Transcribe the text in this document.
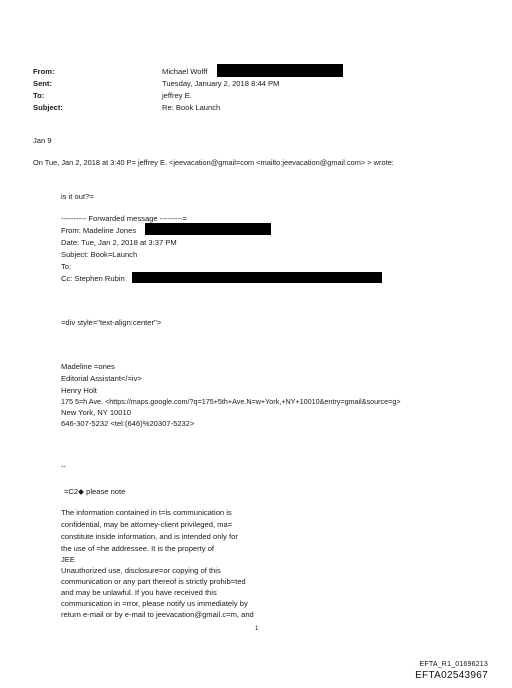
From:
Sent:
To:
Subject:
Michael Wolff
Tuesday, January 2, 2018 8:44 PM
jeffrey E.
Re: Book Launch
Jan 9
On Tue, Jan 2, 2018 at 3:40 P= jeffrey E. <jeevacation@gmail=com <mailto:jeevacation@gmail.com> > wrote:
is it out?=
---------- Forwarded message ---------=
From: Madeline Jones
Date: Tue, Jan 2, 2018 at 3:37 PM
Subject: Book=Launch
To:
Cc: Stephen Rubin
=div style="text-align:center">
Madeline =ones
Editorial Assistant</=iv>
Henry Holt
175 5=h Ave. <https://maps.google.com/?q=175+5th+Ave.N=w+York,+NY+10010&entry=gmail&source=g>
New York, NY 10010
646-307-5232 <tel:(646)%20307-5232>
--
=C2◆ please note
The information contained in t=is communication is
confidential, may be attorney-client privileged, ma=
constitute inside information, and is intended only for
the use of =he addressee. It is the property of
JEE
Unauthorized use, disclosure=or copying of this
communication or any part thereof is strictly prohib=ted
and may be unlawful. If you have received this
communication in =rror, please notify us immediately by
return e-mail or by e-mail to jeevacation@gmail.c=m, and
1
EFTA_R1_01696213
EFTA02543967
